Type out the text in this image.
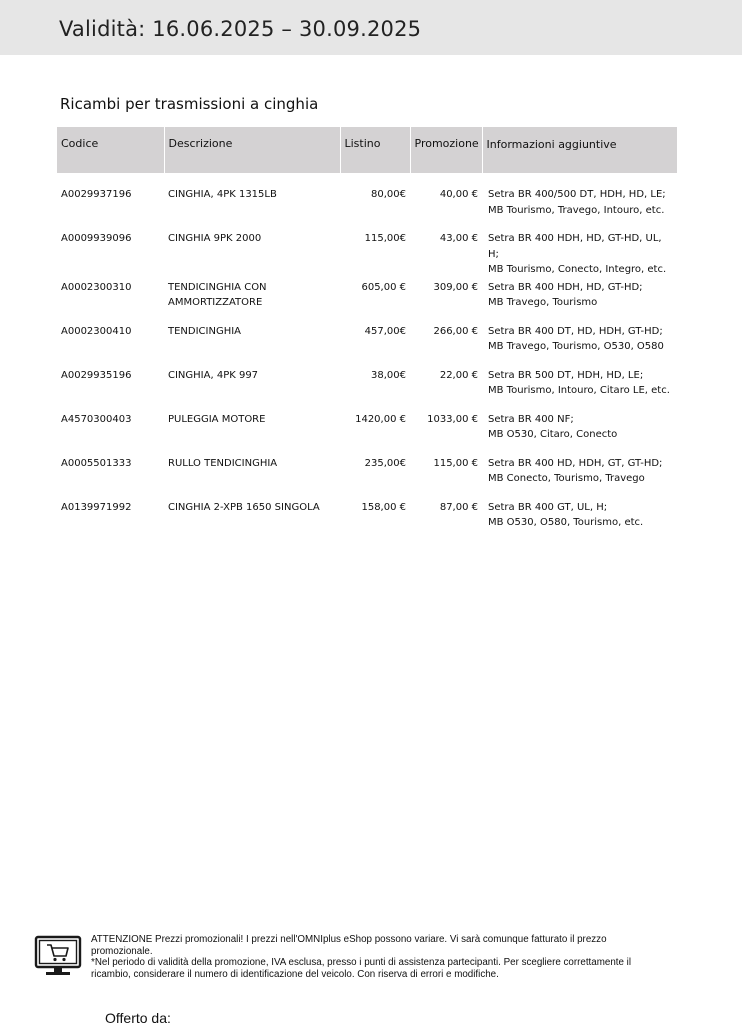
Validità: 16.06.2025 – 30.09.2025
Ricambi per trasmissioni a cinghia
Codice	Descrizione	Listino	Promozione	Informazioni aggiuntive

A0029937196	CINGHIA, 4PK 1315LB	80,00€	40,00 €	Setra BR 400/500 DT, HDH, HD, LE;
MB Tourismo, Travego, Intouro, etc.
A0009939096	CINGHIA 9PK 2000	115,00€	43,00 €	Setra BR 400 HDH, HD, GT-HD, UL, H;
MB Tourismo, Conecto, Integro, etc.
A0002300310	TENDICINGHIA CON
AMMORTIZZATORE	605,00 €	309,00 €	Setra BR 400 HDH, HD, GT-HD;
MB Travego, Tourismo
A0002300410	TENDICINGHIA	457,00€	266,00 €	Setra BR 400 DT, HD, HDH, GT-HD;
MB Travego, Tourismo, O530, O580
A0029935196	CINGHIA, 4PK 997	38,00€	22,00 €	Setra BR 500 DT, HDH, HD, LE;
MB Tourismo, Intouro, Citaro LE, etc.
A4570300403	PULEGGIA MOTORE	1420,00 €	1033,00 €	Setra BR 400 NF;
MB O530, Citaro, Conecto
A0005501333	RULLO TENDICINGHIA	235,00€	115,00 €	Setra BR 400 HD, HDH, GT, GT-HD;
MB Conecto, Tourismo, Travego
A0139971992	CINGHIA 2-XPB 1650 SINGOLA	158,00 €	87,00 €	Setra BR 400 GT, UL, H;
MB O530, O580, Tourismo, etc.

ATTENZIONE Prezzi promozionali! I prezzi nell'OMNIplus eShop possono variare. Vi sarà comunque fatturato il prezzo promozionale.

*Nel periodo di validità della promozione, IVA esclusa, presso i punti di assistenza partecipanti. Per scegliere correttamente il ricambio, considerare il numero di identificazione del veicolo. Con riserva di errori e modifiche.

Offerto da:
